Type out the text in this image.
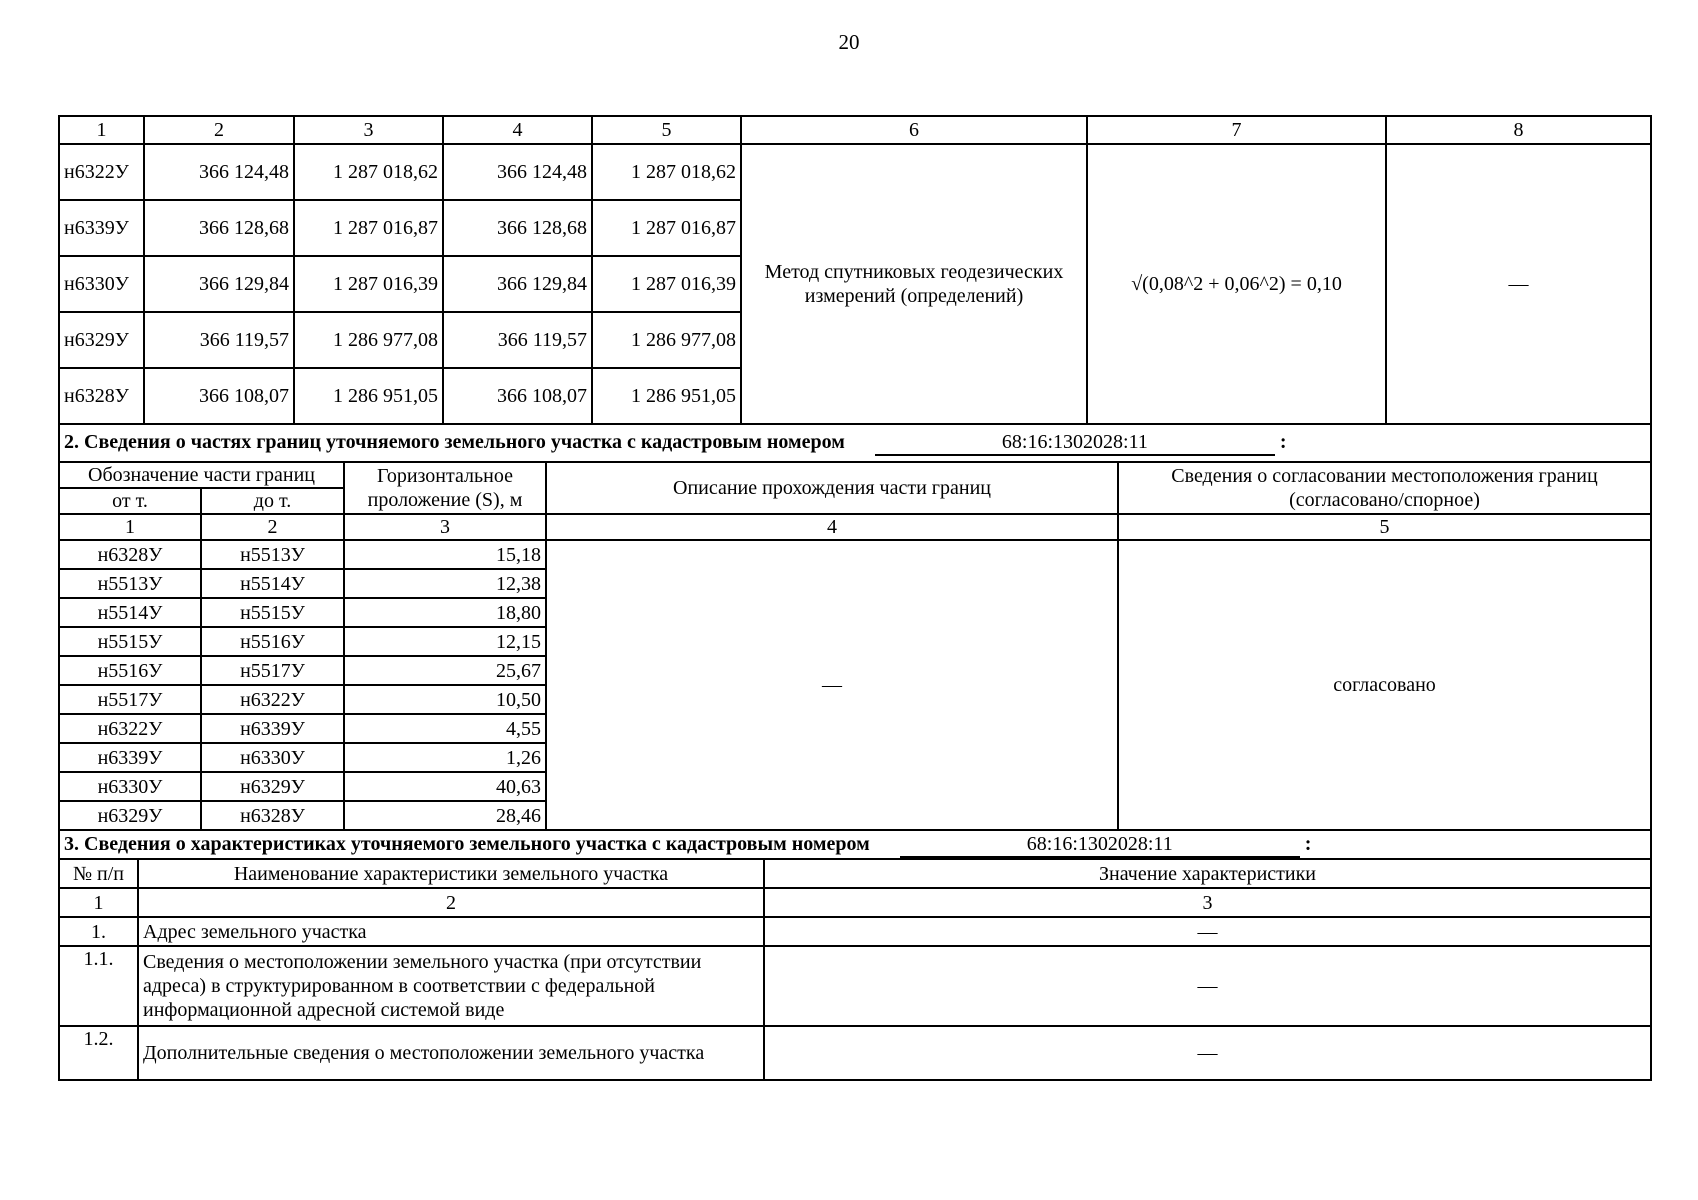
20
1	2	3	4	5	6	7	8
н6322У	366 124,48	1 287 018,62	366 124,48	1 287 018,62	Метод спутниковых геодезических измерений (определений)	√(0,08^2 + 0,06^2) = 0,10	—
н6339У	366 128,68	1 287 016,87	366 128,68	1 287 016,87			
н6330У	366 129,84	1 287 016,39	366 129,84	1 287 016,39			
н6329У	366 119,57	1 286 977,08	366 119,57	1 286 977,08			
н6328У	366 108,07	1 286 951,05	366 108,07	1 286 951,05			
2. Сведения о частях границ уточняемого земельного участка с кадастровым номером 68:16:1302028:11 :							
Обозначение части границ		Горизонтальное проложение (S), м	Описание прохождения части границ	Сведения о согласовании местоположения границ (согласовано/спорное)
от т.	до т.			
1	2	3	4	5
н6328У	н5513У	15,18	—	согласовано
н5513У	н5514У	12,38		
н5514У	н5515У	18,80		
н5515У	н5516У	12,15		
н5516У	н5517У	25,67		
н5517У	н6322У	10,50		
н6322У	н6339У	4,55		
н6339У	н6330У	1,26		
н6330У	н6329У	40,63		
н6329У	н6328У	28,46		
3. Сведения о характеристиках уточняемого земельного участка с кадастровым номером 68:16:1302028:11 :				
№ п/п	Наименование характеристики земельного участка	Значение характеристики
1	2	3
1.	Адрес земельного участка	—
1.1.	Сведения о местоположении земельного участка (при отсутствии адреса) в структурированном в соответствии с федеральной информационной адресной системой виде	—
1.2.	Дополнительные сведения о местоположении земельного участка	—
